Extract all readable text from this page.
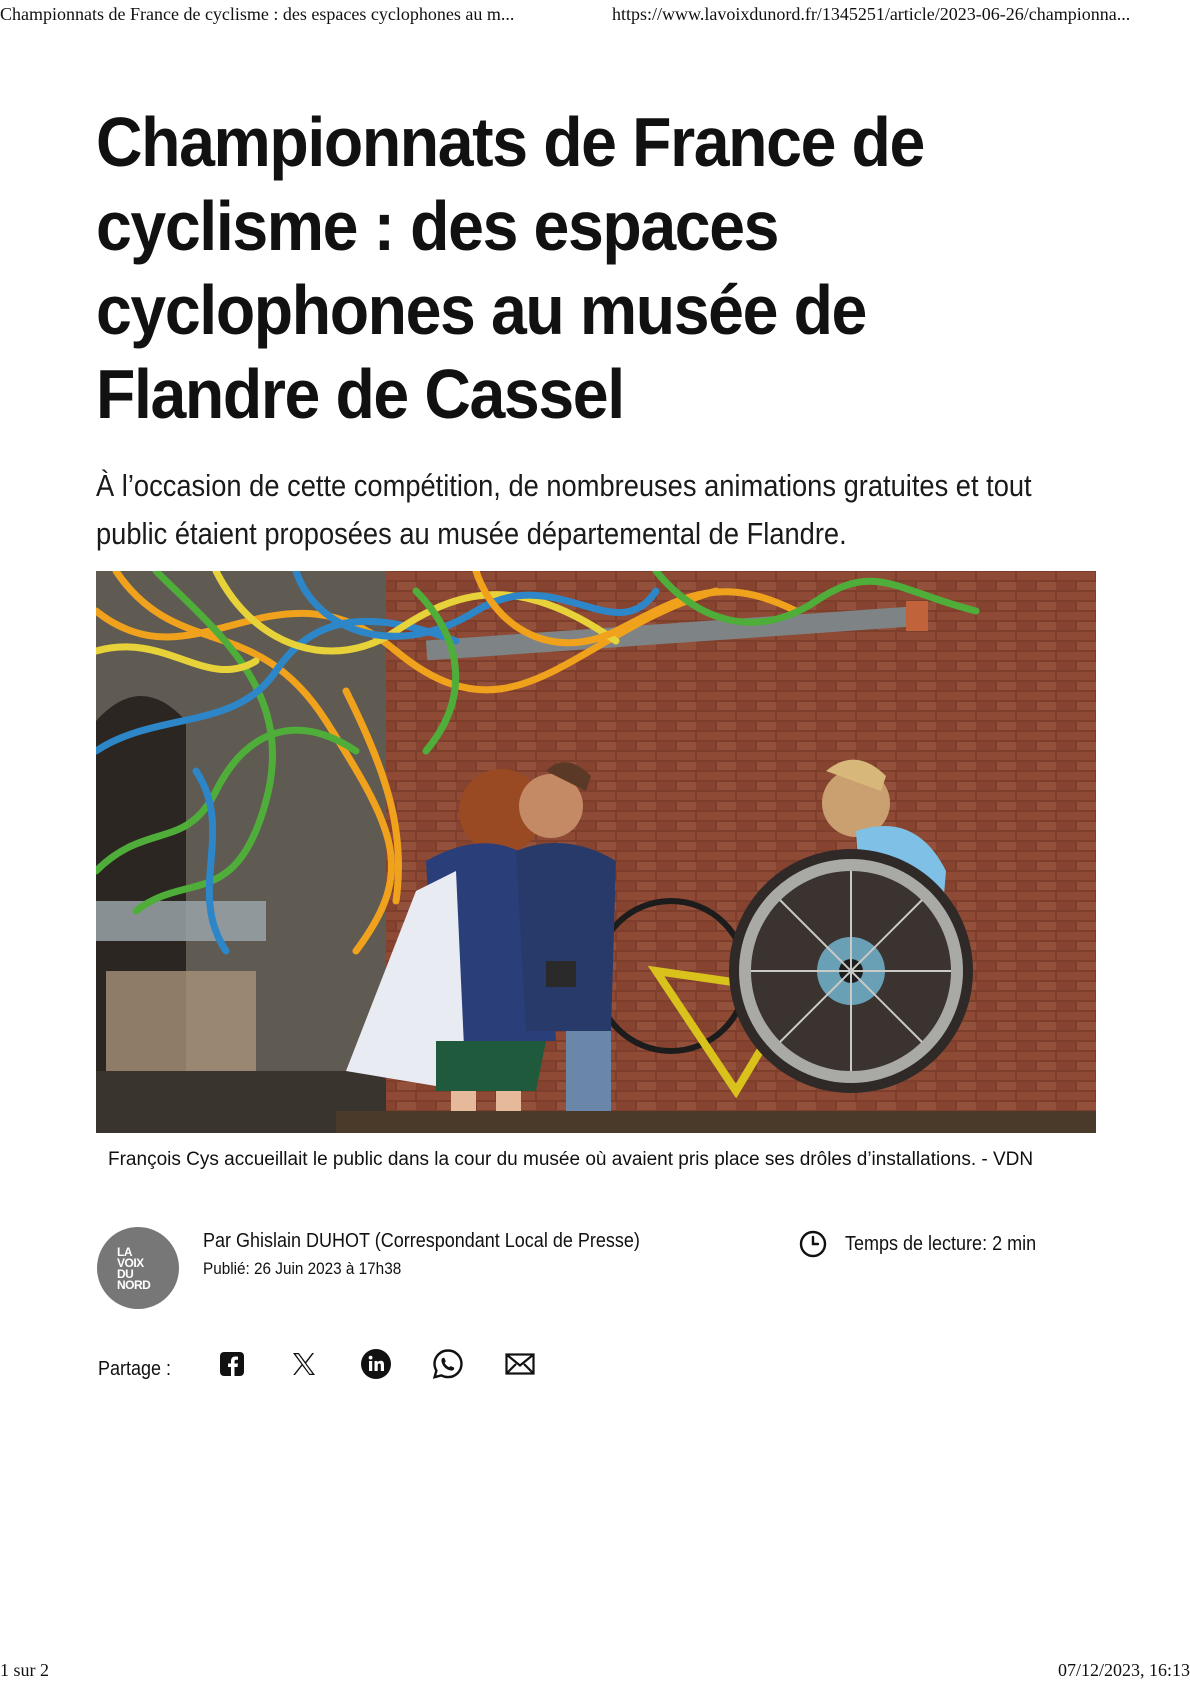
Championnats de France de cyclisme : des espaces cyclophones au m...	https://www.lavoixdunord.fr/1345251/article/2023-06-26/championna...
Championnats de France de cyclisme : des espaces cyclophones au musée de Flandre de Cassel

À l’occasion de cette compétition, de nombreuses animations gratuites et tout public étaient proposées au musée départemental de Flandre.

François Cys accueillait le public dans la cour du musée où avaient pris place ses drôles d’installations. - VDN
LA
VOIX
DU
NORD
Par Ghislain DUHOT (Correspondant Local de Presse)
Publié: 26 Juin 2023 à 17h38
Temps de lecture: 2 min
Partage :
1 sur 2	07/12/2023, 16:13
